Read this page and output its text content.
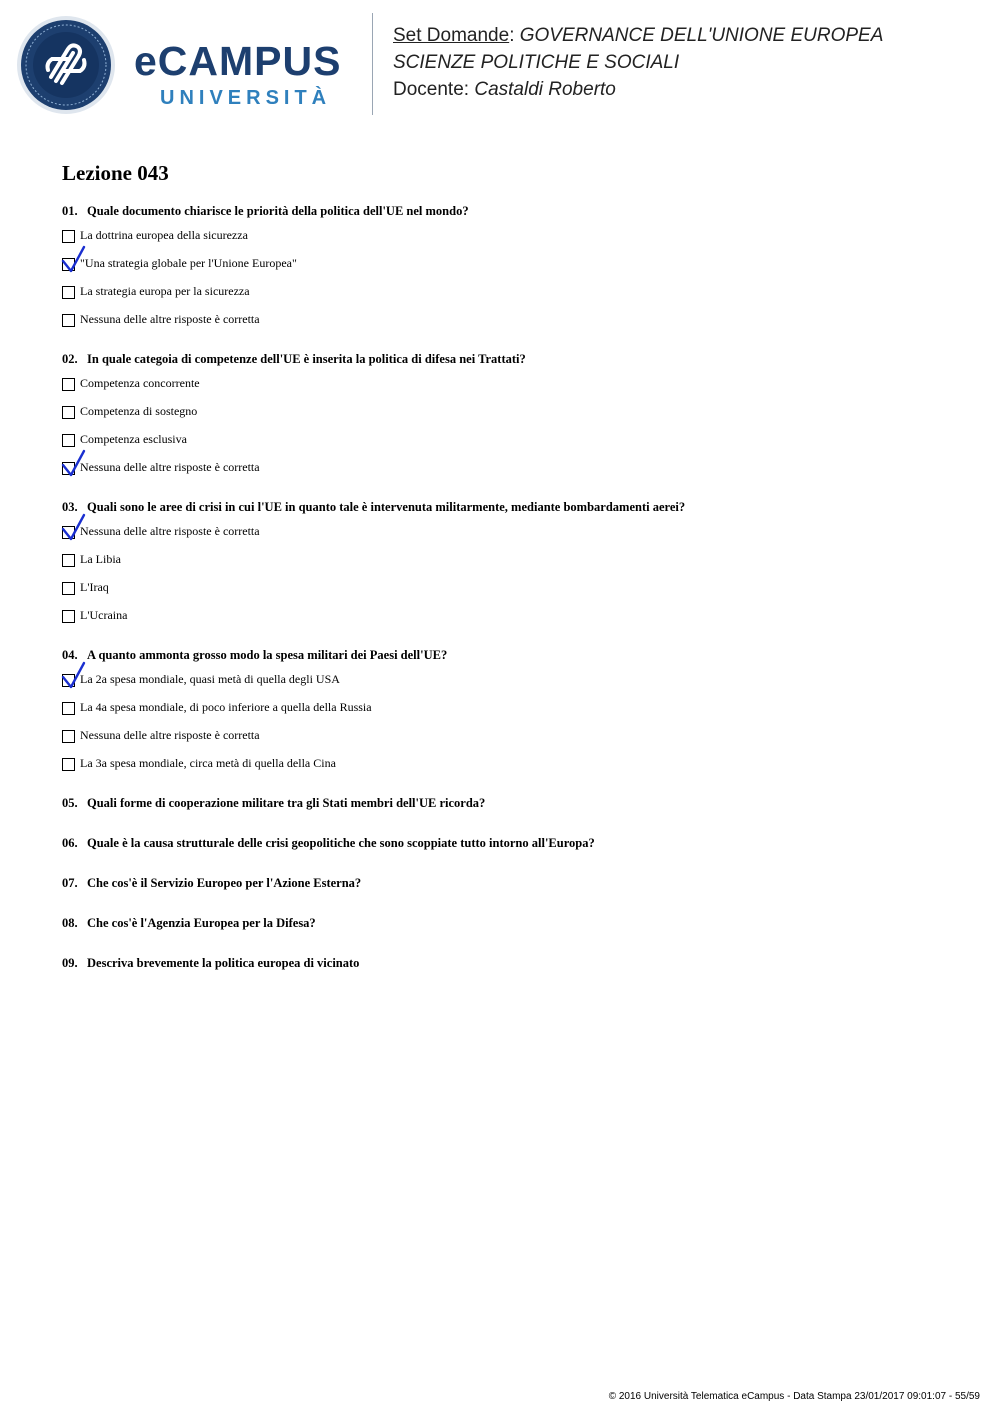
eCAMPUS
UNIVERSITÀ
Set Domande: GOVERNANCE DELL'UNIONE EUROPEA
SCIENZE POLITICHE E SOCIALI
Docente: Castaldi Roberto
Lezione 043
01. Quale documento chiarisce le priorità della politica dell'UE nel mondo?
La dottrina europea della sicurezza
"Una strategia globale per l'Unione Europea"
La strategia europa per la sicurezza
Nessuna delle altre risposte è corretta
02. In quale categoia di competenze dell'UE è inserita la politica di difesa nei Trattati?
Competenza concorrente
Competenza di sostegno
Competenza esclusiva
Nessuna delle altre risposte è corretta
03. Quali sono le aree di crisi in cui l'UE in quanto tale è intervenuta militarmente, mediante bombardamenti aerei?
Nessuna delle altre risposte è corretta
La Libia
L'Iraq
L'Ucraina
04. A quanto ammonta grosso modo la spesa militari dei Paesi dell'UE?
La 2a spesa mondiale, quasi metà di quella degli USA
La 4a spesa mondiale, di poco inferiore a quella della Russia
Nessuna delle altre risposte è corretta
La 3a spesa mondiale, circa metà di quella della Cina
05. Quali forme di cooperazione militare tra gli Stati membri dell'UE ricorda?
06. Quale è la causa strutturale delle crisi geopolitiche che sono scoppiate tutto intorno all'Europa?
07. Che cos'è il Servizio Europeo per l'Azione Esterna?
08. Che cos'è l'Agenzia Europea per la Difesa?
09. Descriva brevemente la politica europea di vicinato
© 2016 Università Telematica eCampus - Data Stampa 23/01/2017 09:01:07 - 55/59
